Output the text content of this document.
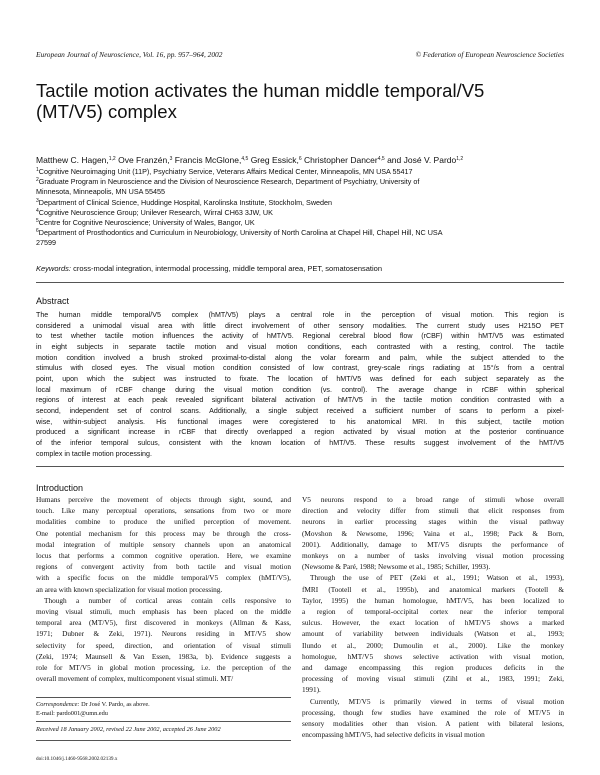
European Journal of Neuroscience, Vol. 16, pp. 957–964, 2002	© Federation of European Neuroscience Societies
Tactile motion activates the human middle temporal/V5
(MT/V5) complex
Matthew C. Hagen,$^{1,2}$ Ove Franzén,$^3$ Francis McGlone,$^{4,5}$ Greg Essick,$^6$ Christopher Dancer$^{4,5}$ and José V. Pardo$^{1,2}$
$^1$Cognitive Neuroimaging Unit (11P), Psychiatry Service, Veterans Affairs Medical Center, Minneapolis, MN USA 55417
$^2$Graduate Program in Neuroscience and the Division of Neuroscience Research, Department of Psychiatry, University of
Minnesota, Minneapolis, MN USA 55455
$^3$Department of Clinical Science, Huddinge Hospital, Karolinska Institute, Stockholm, Sweden
$^4$Cognitive Neuroscience Group; Unilever Research, Wirral CH63 3JW, UK
$^5$Centre for Cognitive Neuroscience; University of Wales, Bangor, UK
$^6$Department of Prosthodontics and Curriculum in Neurobiology, University of North Carolina at Chapel Hill, Chapel Hill, NC USA
27599
Keywords: cross-modal integration, intermodal processing, middle temporal area, PET, somatosensation
Abstract
The human middle temporal/V5 complex (hMT/V5) plays a central role in the perception of visual motion. This region is
considered a unimodal visual area with little direct involvement of other sensory modalities. The current study uses H215O PET
to test whether tactile motion influences the activity of hMT/V5. Regional cerebral blood flow (rCBF) within hMT/V5 was estimated
in eight subjects in separate tactile motion and visual motion conditions, each contrasted with a resting, control. The tactile
motion condition involved a brush stroked proximal-to-distal along the volar forearm and palm, while the subject attended to the
stimulus with closed eyes. The visual motion condition consisted of low contrast, grey-scale rings radiating at 15°/s from a central
point, upon which the subject was instructed to fixate. The location of hMT/V5 was defined for each subject separately as the
local maximum of rCBF change during the visual motion condition (vs. control). The average change in rCBF within spherical
regions of interest at each peak revealed significant bilateral activation of hMT/V5 in the tactile motion condition contrasted with a
second, independent set of control scans. Additionally, a single subject received a sufficient number of scans to perform a pixel-
wise, within-subject analysis. His functional images were coregistered to his anatomical MRI. In this subject, tactile motion
produced a significant increase in rCBF that directly overlapped a region activated by visual motion at the posterior continuance
of the inferior temporal sulcus, consistent with the known location of hMT/V5. These results suggest involvement of the hMT/V5
complex in tactile motion processing.
Introduction
Humans perceive the movement of objects through sight, sound, and
touch. Like many perceptual operations, sensations from two or more
modalities combine to produce the unified perception of movement.
One potential mechanism for this process may be through the cross-
modal integration of multiple sensory channels upon an anatomical
locus that performs a common cognitive operation. Here, we examine
regions of convergent activity from both tactile and visual motion
with a specific focus on the middle temporal/V5 complex (hMT/V5),
an area with known specialization for visual motion processing.
Though a number of cortical areas contain cells responsive to
moving visual stimuli, much emphasis has been placed on the middle
temporal area (MT/V5), first discovered in monkeys (Allman & Kass,
1971; Dubner & Zeki, 1971). Neurons residing in MT/V5 show
selectivity for speed, direction, and orientation of visual stimuli
(Zeki, 1974; Maunsell & Van Essen, 1983a, b). Evidence suggests a
role for MT/V5 in global motion processing, i.e. the perception of the
overall movement of complex, multicomponent visual stimuli. MT/
V5 neurons respond to a broad range of stimuli whose overall
direction and velocity differ from stimuli that elicit responses from
neurons in earlier processing stages within the visual pathway
(Movshon & Newsome, 1996; Vaina et al., 1998; Pack & Born,
2001). Additionally, damage to MT/V5 disrupts the performance of
monkeys on a number of tasks involving visual motion processing
(Newsome & Paré, 1988; Newsome et al., 1985; Schiller, 1993).
Through the use of PET (Zeki et al., 1991; Watson et al., 1993),
fMRI (Tootell et al., 1995b), and anatomical markers (Tootell &
Taylor, 1995) the human homologue, hMT/V5, has been localized to
a region of temporal-occipital cortex near the inferior temporal
sulcus. However, the exact location of hMT/V5 shows a marked
amount of variability between individuals (Watson et al., 1993;
Ilundo et al., 2000; Dumoulin et al., 2000). Like the monkey
homologue, hMT/V5 shows selective activation with visual motion,
and damage encompassing this region produces deficits in the
processing of moving visual stimuli (Zihl et al., 1983, 1991; Zeki,
1991).
Currently, MT/V5 is primarily viewed in terms of visual motion
processing, though few studies have examined the role of MT/V5 in
sensory modalities other than vision. A patient with bilateral lesions,
encompassing hMT/V5, had selective deficits in visual motion
Correspondence: Dr José V. Pardo, as above.
E-mail: pardo001@umn.edu
Received 18 January 2002, revised 22 June 2002, accepted 26 June 2002
doi:10.1046/j.1460-9568.2002.02139.x
